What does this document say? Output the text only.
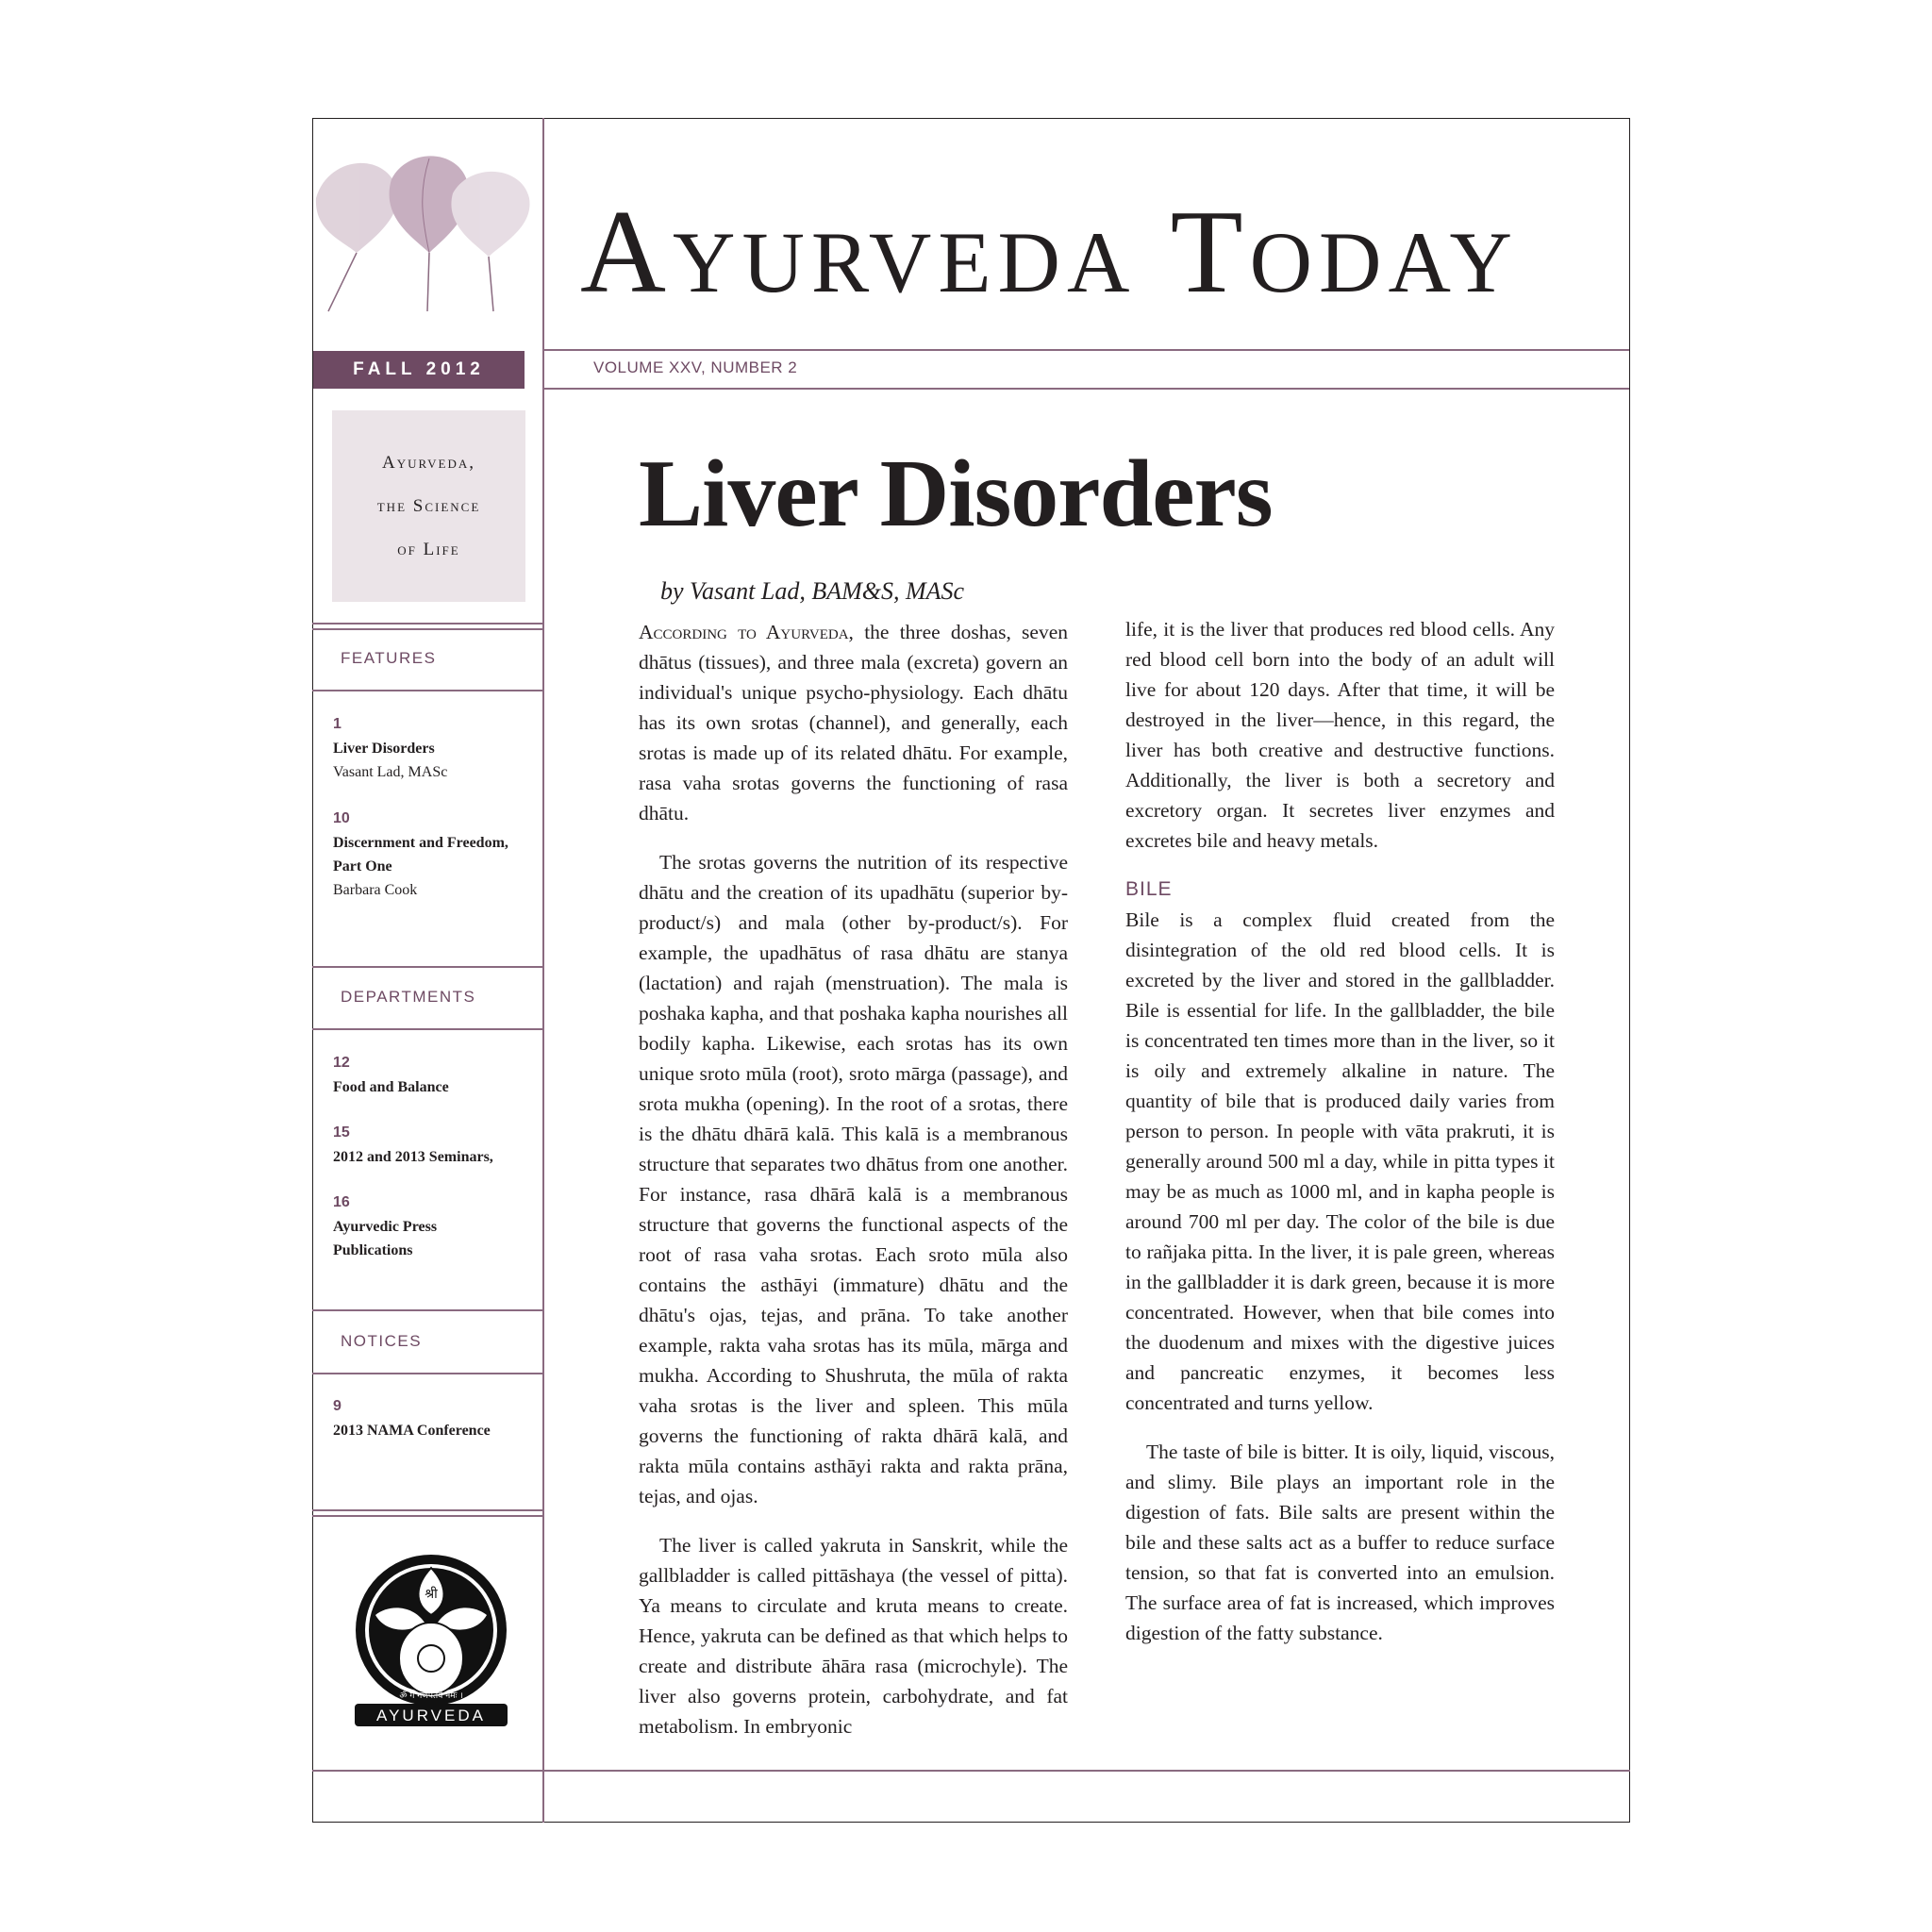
AYURVEDA TODAY
FALL 2012	VOLUME XXV, NUMBER 2
Ayurveda,
the Science
of Life
FEATURES
1
Liver Disorders
Vasant Lad, MASc
10
Discernment and Freedom, Part One
Barbara Cook
DEPARTMENTS
12
Food and Balance
15
2012 and 2013 Seminars,
16
Ayurvedic Press Publications
NOTICES
9
2013 NAMA Conference
श्री
ॐ गं गणपतये नमः ।
AYURVEDA
Liver Disorders
by Vasant Lad, BAM&S, MASc

According to Ayurveda, the three doshas, seven dhātus (tissues), and three mala (excreta) govern an individual's unique psycho-physiology. Each dhātu has its own srotas (channel), and generally, each srotas is made up of its related dhātu. For example, rasa vaha srotas governs the functioning of rasa dhātu.

The srotas governs the nutrition of its respective dhātu and the creation of its upadhātu (superior by-product/s) and mala (other by-product/s). For example, the upadhātus of rasa dhātu are stanya (lactation) and rajah (menstruation). The mala is poshaka kapha, and that poshaka kapha nourishes all bodily kapha. Likewise, each srotas has its own unique sroto mūla (root), sroto mārga (passage), and srota mukha (opening). In the root of a srotas, there is the dhātu dhārā kalā. This kalā is a membranous structure that separates two dhātus from one another. For instance, rasa dhārā kalā is a membranous structure that governs the functional aspects of the root of rasa vaha srotas. Each sroto mūla also contains the asthāyi (immature) dhātu and the dhātu's ojas, tejas, and prāna. To take another example, rakta vaha srotas has its mūla, mārga and mukha. According to Shushruta, the mūla of rakta vaha srotas is the liver and spleen. This mūla governs the functioning of rakta dhārā kalā, and rakta mūla contains asthāyi rakta and rakta prāna, tejas, and ojas.

The liver is called yakruta in Sanskrit, while the gallbladder is called pittāshaya (the vessel of pitta). Ya means to circulate and kruta means to create. Hence, yakruta can be defined as that which helps to create and distribute āhāra rasa (microchyle). The liver also governs protein, carbohydrate, and fat metabolism. In embryonic

life, it is the liver that produces red blood cells. Any red blood cell born into the body of an adult will live for about 120 days. After that time, it will be destroyed in the liver—hence, in this regard, the liver has both creative and destructive functions. Additionally, the liver is both a secretory and excretory organ. It secretes liver enzymes and excretes bile and heavy metals.

BILE

Bile is a complex fluid created from the disintegration of the old red blood cells. It is excreted by the liver and stored in the gallbladder. Bile is essential for life. In the gallbladder, the bile is concentrated ten times more than in the liver, so it is oily and extremely alkaline in nature. The quantity of bile that is produced daily varies from person to person. In people with vāta prakruti, it is generally around 500 ml a day, while in pitta types it may be as much as 1000 ml, and in kapha people is around 700 ml per day. The color of the bile is due to rañjaka pitta. In the liver, it is pale green, whereas in the gallbladder it is dark green, because it is more concentrated. However, when that bile comes into the duodenum and mixes with the digestive juices and pancreatic enzymes, it becomes less concentrated and turns yellow.

The taste of bile is bitter. It is oily, liquid, viscous, and slimy. Bile plays an important role in the digestion of fats. Bile salts are present within the bile and these salts act as a buffer to reduce surface tension, so that fat is converted into an emulsion. The surface area of fat is increased, which improves digestion of the fatty substance.
